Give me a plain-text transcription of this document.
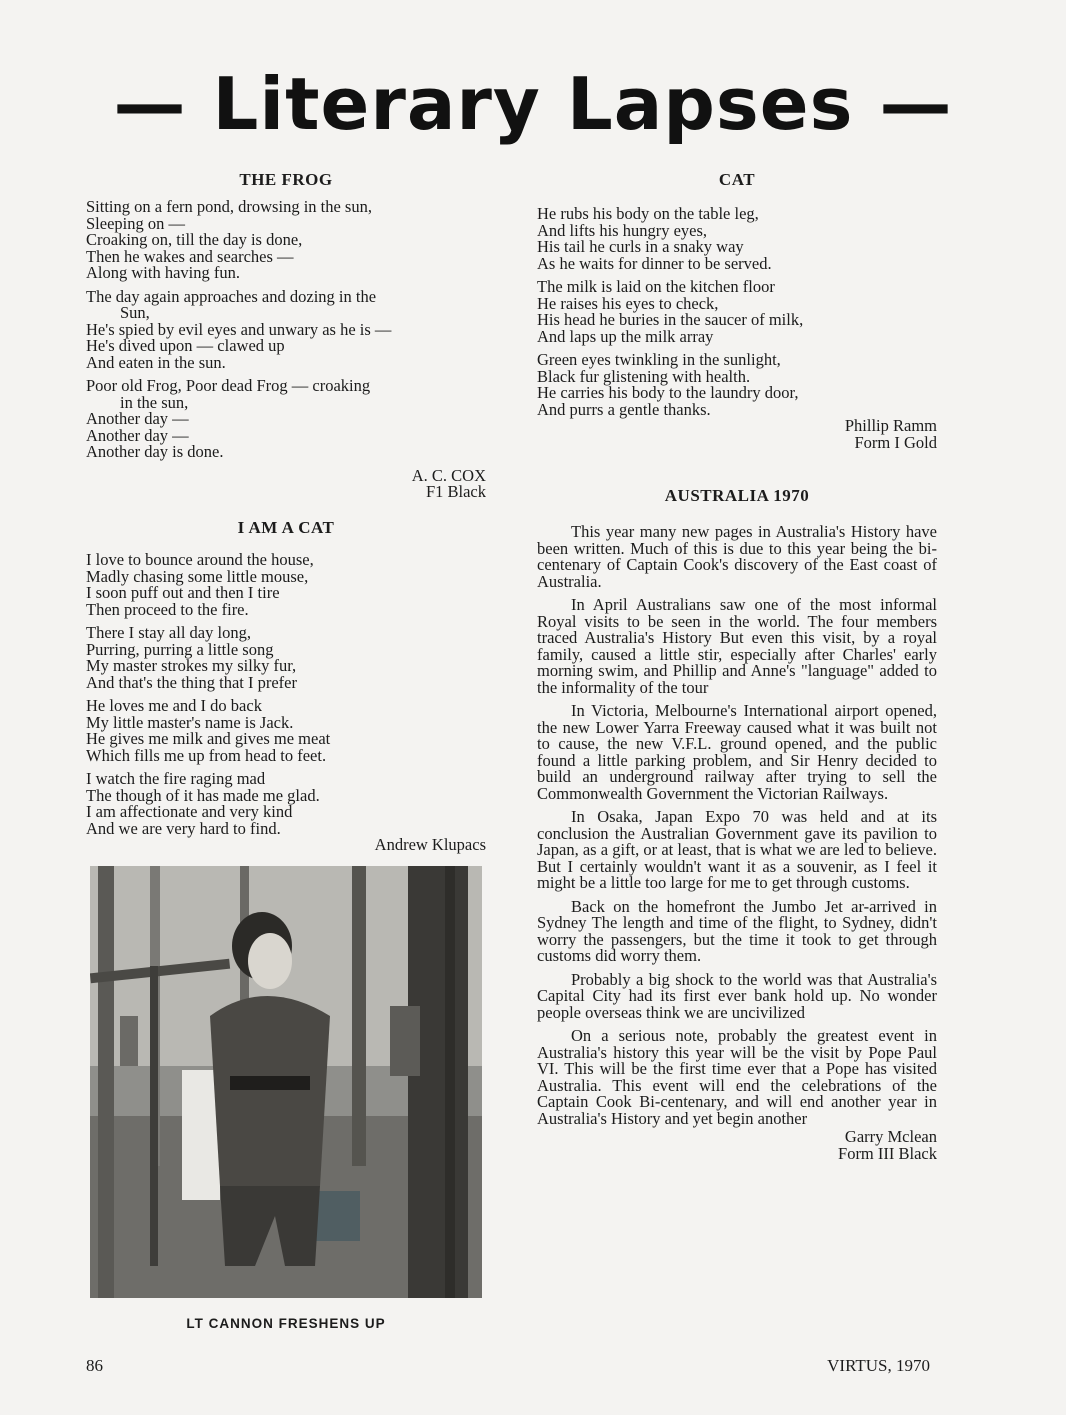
— Literary Lapses —
THE FROG
Sitting on a fern pond, drowsing in the sun,
Sleeping on —
Croaking on, till the day is done,
Then he wakes and searches —
Along with having fun.
The day again approaches and dozing in the
Sun,
He's spied by evil eyes and unwary as he is —
He's dived upon — clawed up
And eaten in the sun.
Poor old Frog, Poor dead Frog — croaking
in the sun,
Another day —
Another day —
Another day is done.
A. C. COX
F1 Black
I AM A CAT
I love to bounce around the house,
Madly chasing some little mouse,
I soon puff out and then I tire
Then proceed to the fire.
There I stay all day long,
Purring, purring a little song
My master strokes my silky fur,
And that's the thing that I prefer
He loves me and I do back
My little master's name is Jack.
He gives me milk and gives me meat
Which fills me up from head to feet.
I watch the fire raging mad
The though of it has made me glad.
I am affectionate and very kind
And we are very hard to find.
Andrew Klupacs
LT CANNON FRESHENS UP
CAT
He rubs his body on the table leg,
And lifts his hungry eyes,
His tail he curls in a snaky way
As he waits for dinner to be served.
The milk is laid on the kitchen floor
He raises his eyes to check,
His head he buries in the saucer of milk,
And laps up the milk array
Green eyes twinkling in the sunlight,
Black fur glistening with health.
He carries his body to the laundry door,
And purrs a gentle thanks.
Phillip Ramm
Form I Gold
AUSTRALIA 1970

This year many new pages in Australia's History have been written. Much of this is due to this year being the bi-centenary of Captain Cook's discovery of the East coast of Australia.

In April Australians saw one of the most informal Royal visits to be seen in the world. The four members traced Australia's History But even this visit, by a royal family, caused a little stir, especially after Charles' early morning swim, and Phillip and Anne's "language" added to the informality of the tour

In Victoria, Melbourne's International airport opened, the new Lower Yarra Freeway caused what it was built not to cause, the new V.F.L. ground opened, and the public found a little parking problem, and Sir Henry decided to build an underground railway after trying to sell the Commonwealth Government the Victorian Railways.

In Osaka, Japan Expo 70 was held and at its conclusion the Australian Government gave its pavilion to Japan, as a gift, or at least, that is what we are led to believe. But I certainly wouldn't want it as a souvenir, as I feel it might be a little too large for me to get through customs.

Back on the homefront the Jumbo Jet ar-arrived in Sydney The length and time of the flight, to Sydney, didn't worry the passengers, but the time it took to get through customs did worry them.

Probably a big shock to the world was that Australia's Capital City had its first ever bank hold up. No wonder people overseas think we are uncivilized

On a serious note, probably the greatest event in Australia's history this year will be the visit by Pope Paul VI. This will be the first time ever that a Pope has visited Australia. This event will end the celebrations of the Captain Cook Bi-centenary, and will end another year in Australia's History and yet begin another

Garry Mclean
Form III Black
86	VIRTUS, 1970
